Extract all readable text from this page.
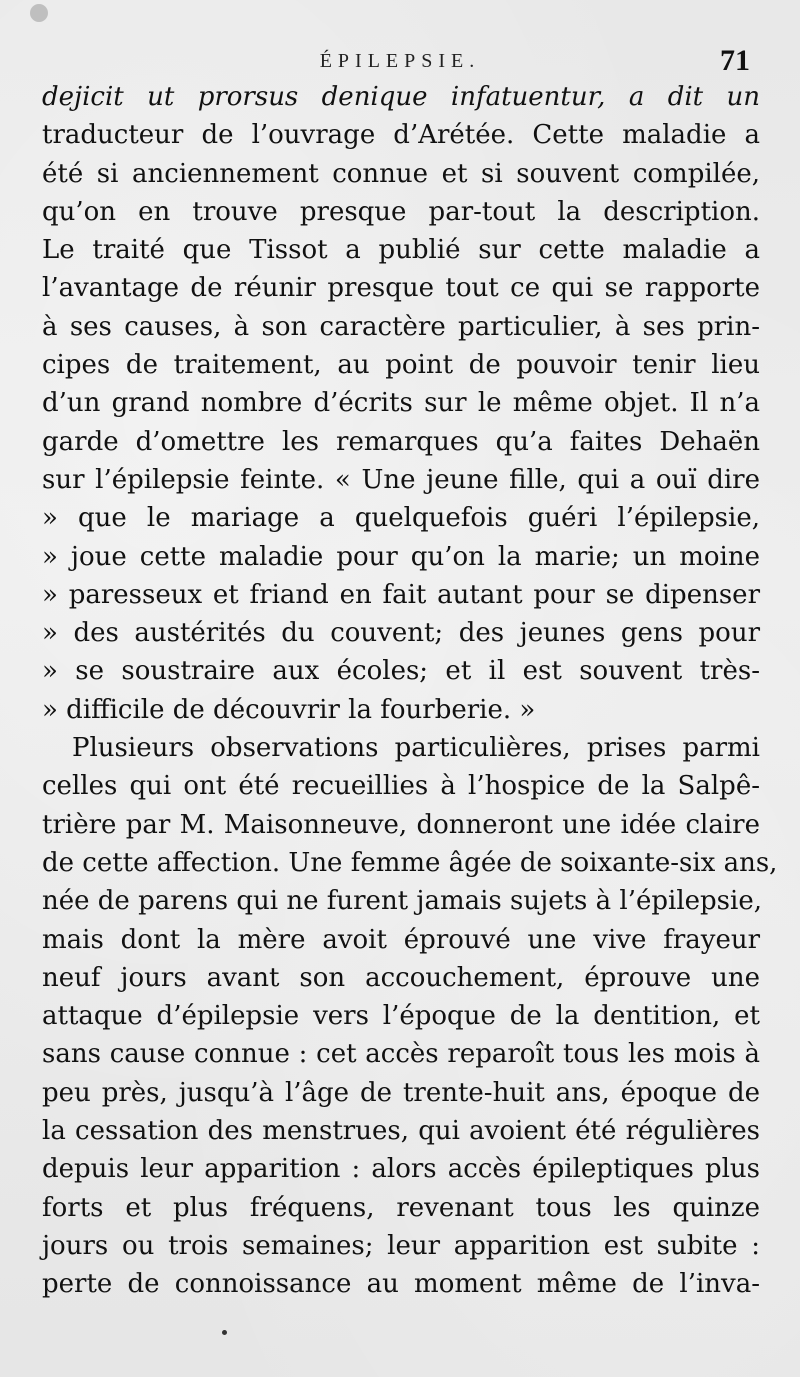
ÉPILEPSIE.	71
dejicit ut prorsus denique infatuentur, a dit un
traducteur de l’ouvrage d’Arétée. Cette maladie a
été si anciennement connue et si souvent compilée,
qu’on en trouve presque par-tout la description.
Le traité que Tissot a publié sur cette maladie a
l’avantage de réunir presque tout ce qui se rapporte
à ses causes, à son caractère particulier, à ses prin-
cipes de traitement, au point de pouvoir tenir lieu
d’un grand nombre d’écrits sur le même objet. Il n’a
garde d’omettre les remarques qu’a faites Dehaën
sur l’épilepsie feinte. « Une jeune fille, qui a ouï dire
» que le mariage a quelquefois guéri l’épilepsie,
» joue cette maladie pour qu’on la marie; un moine
» paresseux et friand en fait autant pour se dipenser
» des austérités du couvent; des jeunes gens pour
» se soustraire aux écoles; et il est souvent très-
» difficile de découvrir la fourberie. »
Plusieurs observations particulières, prises parmi
celles qui ont été recueillies à l’hospice de la Salpê-
trière par M. Maisonneuve, donneront une idée claire
de cette affection. Une femme âgée de soixante-six ans,
née de parens qui ne furent jamais sujets à l’épilepsie,
mais dont la mère avoit éprouvé une vive frayeur
neuf jours avant son accouchement, éprouve une
attaque d’épilepsie vers l’époque de la dentition, et
sans cause connue : cet accès reparoît tous les mois à
peu près, jusqu’à l’âge de trente-huit ans, époque de
la cessation des menstrues, qui avoient été régulières
depuis leur apparition : alors accès épileptiques plus
forts et plus fréquens, revenant tous les quinze
jours ou trois semaines; leur apparition est subite :
perte de connoissance au moment même de l’inva-
